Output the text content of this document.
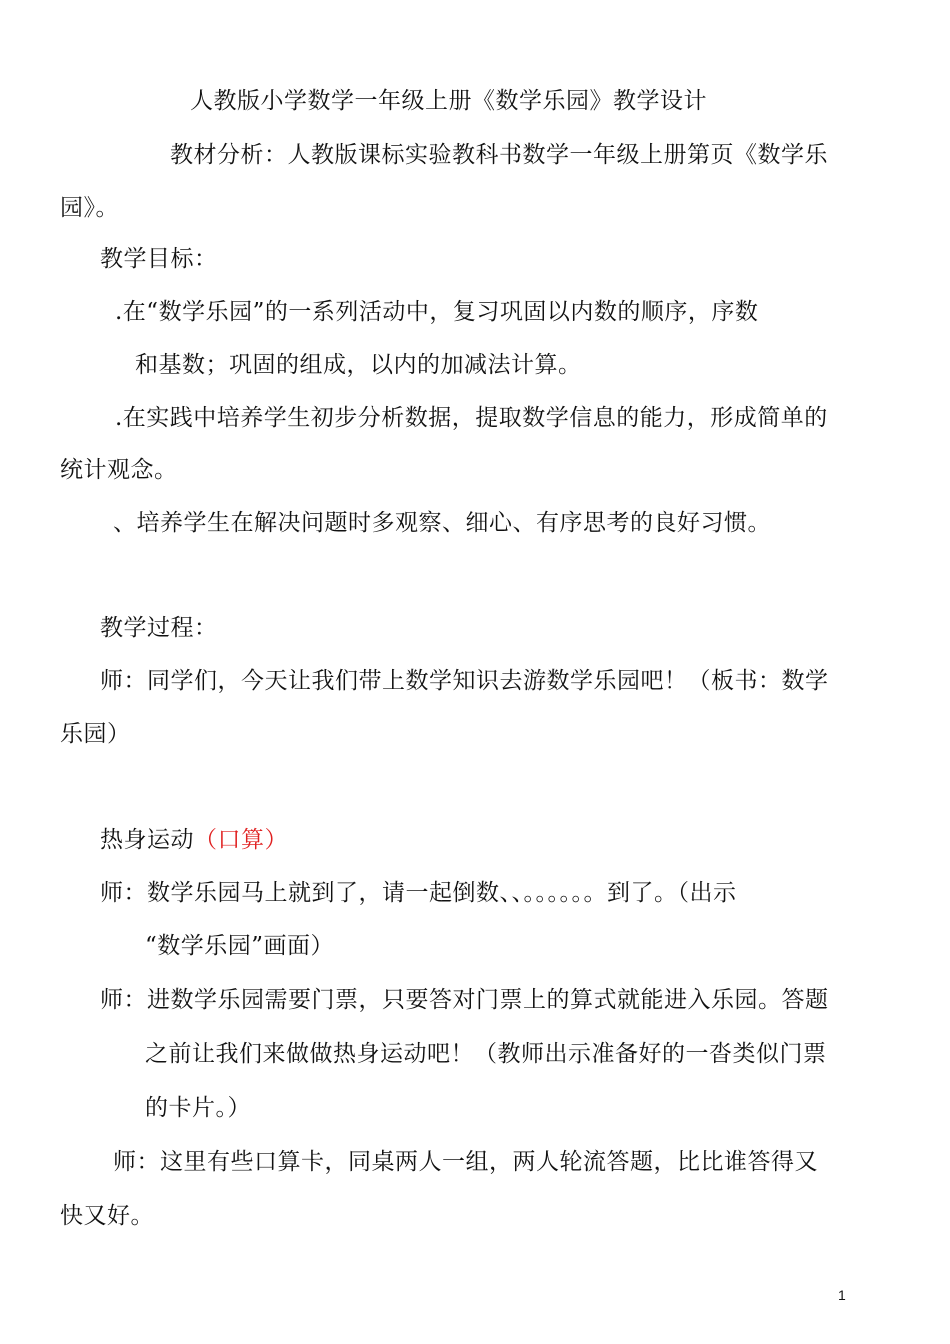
人教版小学数学一年级上册《数学乐园》教学设计
教材分析：人教版课标实验教科书数学一年级上册第页《数学乐
园》。
教学目标：
.在“数学乐园”的一系列活动中，复习巩固以内数的顺序，序数
和基数；巩固的组成，以内的加减法计算。
.在实践中培养学生初步分析数据，提取数学信息的能力，形成简单的
统计观念。
、培养学生在解决问题时多观察、细心、有序思考的良好习惯。
教学过程：
师：同学们，今天让我们带上数学知识去游数学乐园吧！（板书：数学
乐园）
热身运动（口算）
师：数学乐园马上就到了，请一起倒数、、。。。。。。到了。（出示
“数学乐园”画面）
师：进数学乐园需要门票，只要答对门票上的算式就能进入乐园。答题
之前让我们来做做热身运动吧！（教师出示准备好的一沓类似门票
的卡片。）
师：这里有些口算卡，同桌两人一组，两人轮流答题，比比谁答得又
快又好。
1
